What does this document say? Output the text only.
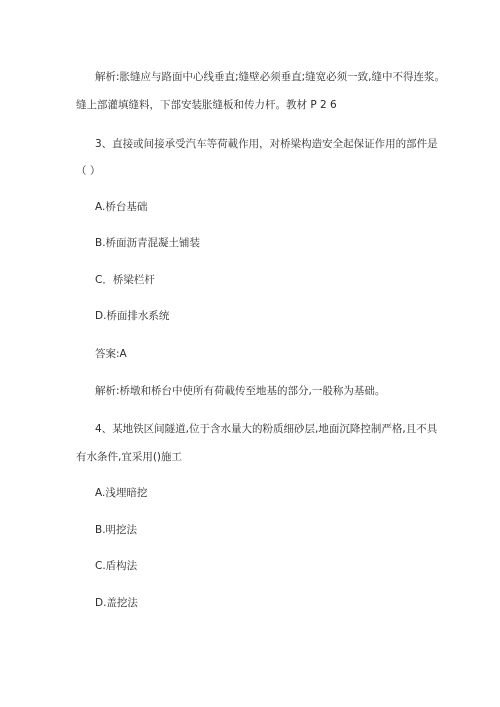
解析:胀缝应与路面中心线垂直;缝壁必须垂直;缝宽必须一致,缝中不得连浆。
缝上部灌填缝料，下部安装胀缝板和传力杆。教材 P 2 6
3、直接或间接承受汽车等荷載作用，对桥梁构造安全起保证作用的部件是
（ ）
A.桥台基础
B.桥面沥青混凝土铺装
C．桥梁栏杆
D.桥面排水系统
答案:A
解析:桥墩和桥台中使所有荷載传至地基的部分,一般称为基础。
4、某地铁区间隧道,位于含水量大的粉质细砂层,地面沉降控制严格,且不具
有水条件,宜采用()施工
A.浅埋暗挖
B.明挖法
C.盾构法
D.盖挖法
